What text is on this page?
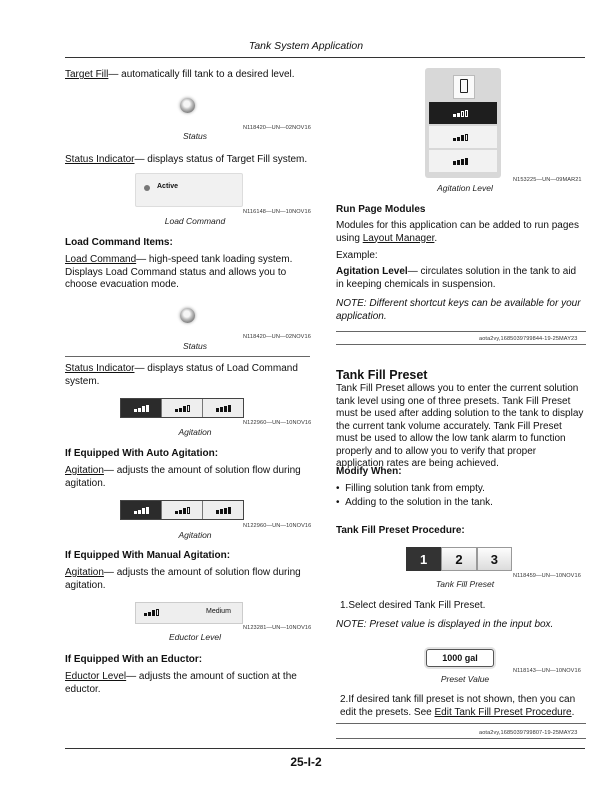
Tank System Application

Target Fill— automatically fill tank to a desired level.

N118420—UN—02NOV16
Status

Status Indicator— displays status of Target Fill system.

Active
N116148—UN—10NOV16
Load Command
Load Command Items:

Load Command— high-speed tank loading system. Displays Load Command status and allows you to choose evacuation mode.

N118420—UN—02NOV16
Status

Status Indicator— displays status of Load Command system.

N122960—UN—10NOV16
Agitation
If Equipped With Auto Agitation:

Agitation— adjusts the amount of solution flow during agitation.

N122960—UN—10NOV16
Agitation
If Equipped With Manual Agitation:

Agitation— adjusts the amount of solution flow during agitation.

Medium
N123281—UN—10NOV16
Eductor Level
If Equipped With an Eductor:

Eductor Level— adjusts the amount of suction at the eductor.

N153225—UN—09MAR21
Agitation Level
Run Page Modules

Modules for this application can be added to run pages using Layout Manager.

Example:

Agitation Level— circulates solution in the tank to aid in keeping chemicals in suspension.

NOTE: Different shortcut keys can be available for your application.

aota2vy,1685039799844-19-25MAY23
Tank Fill Preset

Tank Fill Preset allows you to enter the current solution tank level using one of three presets. Tank Fill Preset must be used after adding solution to the tank to display the current tank volume accurately. Tank Fill Preset must be used to allow the low tank alarm to function properly and to allow you to verify that proper application rates are being achieved.

Modify When:
•  Filling solution tank from empty.
•  Adding to the solution in the tank.
Tank Fill Preset Procedure:
1	2	3
N118459—UN—10NOV16
Tank Fill Preset

1.Select desired Tank Fill Preset.

NOTE: Preset value is displayed in the input box.

1000 gal
N118143—UN—10NOV16
Preset Value

2.If desired tank fill preset is not shown, then you can edit the presets. See Edit Tank Fill Preset Procedure.

aota2vy,1685039799807-19-25MAY23
25-I-2
